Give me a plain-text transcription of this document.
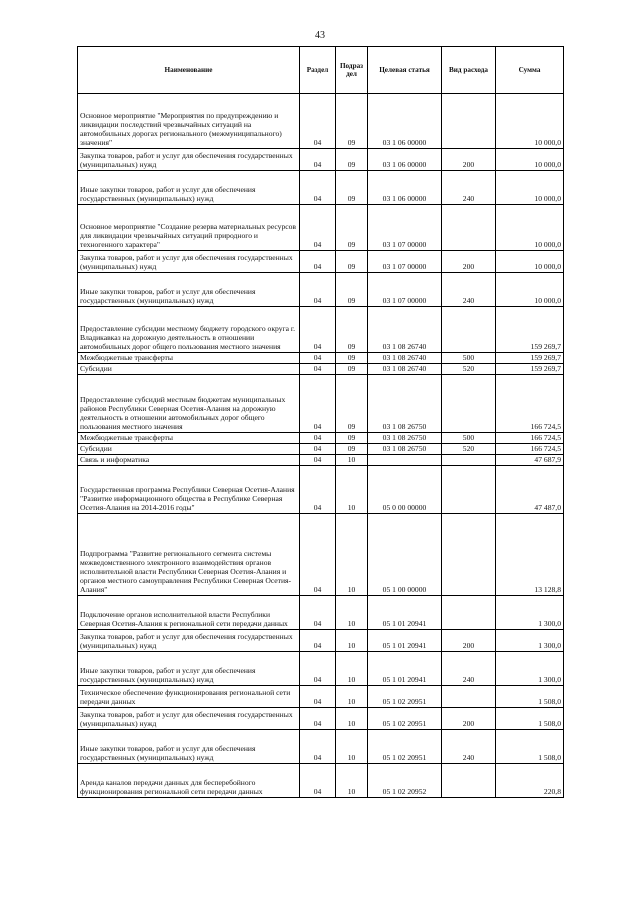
43
Наименование	Раздел	Подраз дел	Целевая статья	Вид расхода	Сумма
Основное мероприятие "Мероприятия по предупреждению и ликвидации последствий чрезвычайных ситуаций на автомобильных дорогах регионального (межмуниципального) значения"	04	09	03 1 06 00000		10 000,0
Закупка товаров, работ и услуг для обеспечения государственных (муниципальных) нужд	04	09	03 1 06 00000	200	10 000,0
Иные закупки товаров, работ и услуг для обеспечения государственных (муниципальных) нужд	04	09	03 1 06 00000	240	10 000,0
Основное мероприятие "Создание резерва материальных ресурсов для ликвидации чрезвычайных ситуаций природного и техногенного характера"	04	09	03 1 07 00000		10 000,0
Закупка товаров, работ и услуг для обеспечения государственных (муниципальных) нужд	04	09	03 1 07 00000	200	10 000,0
Иные закупки товаров, работ и услуг для обеспечения государственных (муниципальных) нужд	04	09	03 1 07 00000	240	10 000,0
Предоставление субсидии местному бюджету городского округа г. Владикавказ на дорожную деятельность в отношении автомобильных дорог общего пользования местного значения	04	09	03 1 08 26740		159 269,7
Межбюджетные трансферты	04	09	03 1 08 26740	500	159 269,7
Субсидии	04	09	03 1 08 26740	520	159 269,7
Предоставление субсидий местным бюджетам муниципальных районов Республики Северная Осетия-Алания на дорожную деятельность в отношении автомобильных дорог общего пользования местного значения	04	09	03 1 08 26750		166 724,5
Межбюджетные трансферты	04	09	03 1 08 26750	500	166 724,5
Субсидии	04	09	03 1 08 26750	520	166 724,5
Связь и информатика	04	10			47 687,9
Государственная программа Республики Северная Осетия-Алания "Развитие информационного общества в Республике Северная Осетия-Алания на 2014-2016 годы"	04	10	05 0 00 00000		47 487,0
Подпрограмма "Развитие регионального сегмента системы межведомственного электронного взаимодействия органов исполнительной власти Республики Северная Осетия-Алания и органов местного самоуправления Республики Северная Осетия-Алания"	04	10	05 1 00 00000		13 128,8
Подключение органов исполнительной власти Республики Северная Осетия-Алания к региональной сети передачи данных	04	10	05 1 01 20941		1 300,0
Закупка товаров, работ и услуг для обеспечения государственных (муниципальных) нужд	04	10	05 1 01 20941	200	1 300,0
Иные закупки товаров, работ и услуг для обеспечения государственных (муниципальных) нужд	04	10	05 1 01 20941	240	1 300,0
Техническое обеспечение функционирования региональной сети передачи данных	04	10	05 1 02 20951		1 508,0
Закупка товаров, работ и услуг для обеспечения государственных (муниципальных) нужд	04	10	05 1 02 20951	200	1 508,0
Иные закупки товаров, работ и услуг для обеспечения государственных (муниципальных) нужд	04	10	05 1 02 20951	240	1 508,0
Аренда каналов передачи данных для бесперебойного функционирования региональной сети передачи данных	04	10	05 1 02 20952		220,8
